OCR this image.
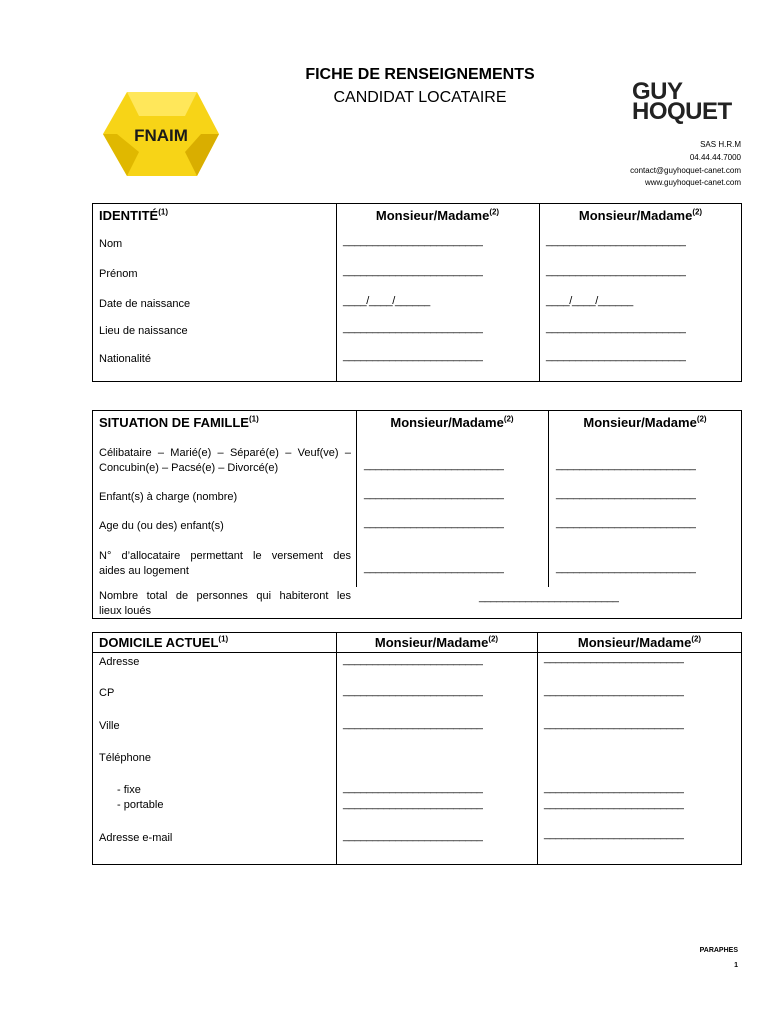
FICHE DE RENSEIGNEMENTS
CANDIDAT LOCATAIRE
FNAIM
GUY
HOQUET
SAS H.R.M
04.44.44.7000
contact@guyhoquet-canet.com
www.guyhoquet-canet.com
IDENTITÉ$^{(1)}$	Monsieur/Madame$^{(2)}$	Monsieur/Madame$^{(2)}$
Nom	________________________	________________________
Prénom	________________________	________________________
Date de naissance	____/____/______	____/____/______
Lieu de naissance	________________________	________________________
Nationalité	________________________	________________________
SITUATION DE FAMILLE$^{(1)}$	Monsieur/Madame$^{(2)}$	Monsieur/Madame$^{(2)}$
Célibataire – Marié(e) – Séparé(e) – Veuf(ve) –
Concubin(e) – Pacsé(e) – Divorcé(e)	________________________	________________________
Enfant(s) à charge (nombre)	________________________	________________________
Age du (ou des) enfant(s)	________________________	________________________
N° d’allocataire permettant le versement des
aides au logement	________________________	________________________
Nombre total de personnes qui habiteront les
lieux loués
________________________
DOMICILE ACTUEL$^{(1)}$	Monsieur/Madame$^{(2)}$	Monsieur/Madame$^{(2)}$
Adresse	________________________	________________________
CP	________________________	________________________
Ville	________________________	________________________
Téléphone
- fixe	________________________	________________________
- portable	________________________	________________________
Adresse e-mail	________________________	________________________
PARAPHES
1
